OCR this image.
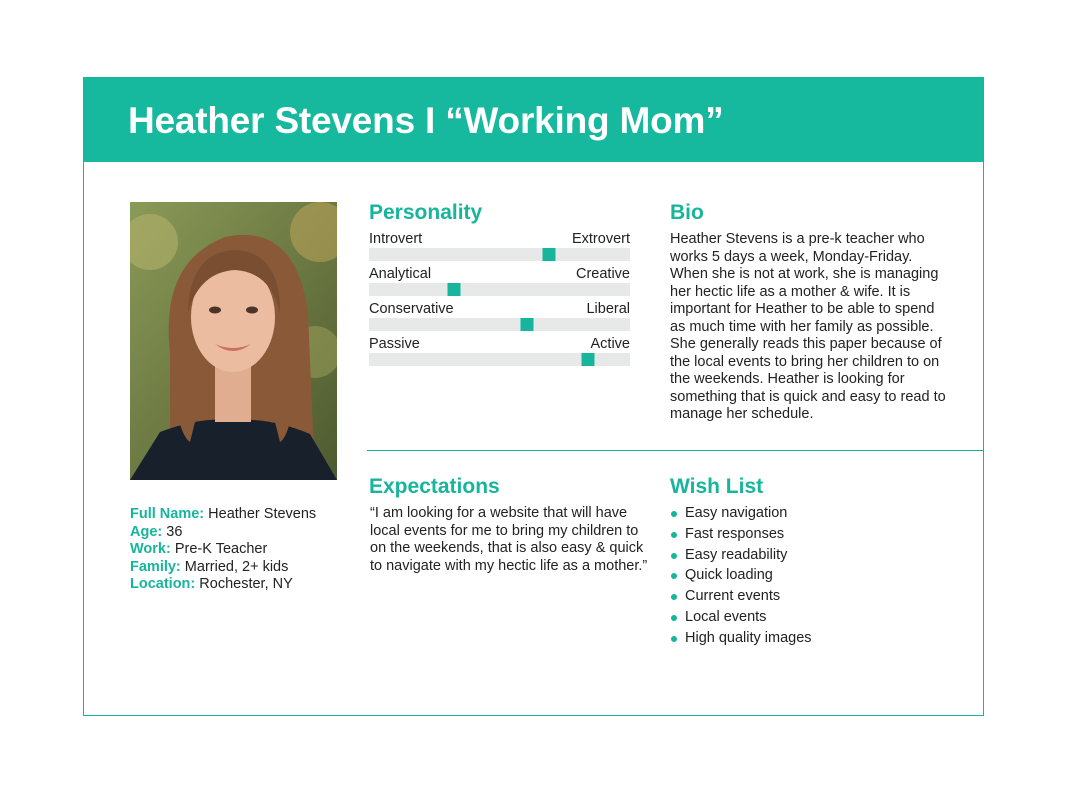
Heather Stevens I “Working Mom”
Full Name: Heather Stevens
Age: 36
Work: Pre-K Teacher
Family: Married, 2+ kids
Location: Rochester, NY
Personality
Introvert	Extrovert
Analytical	Creative
Conservative	Liberal
Passive	Active
Bio

Heather Stevens is a pre-k teacher who works 5 days a week, Monday-Friday. When she is not at work, she is managing her hectic life as a mother & wife. It is important for Heather to be able to spend as much time with her family as possible. She generally reads this paper because of the local events to bring her children to on the weekends. Heather is looking for something that is quick and easy to read to manage her schedule.

Expectations

“I am looking for a website that will have local events for me to bring my children to on the weekends, that is also easy & quick to navigate with my hectic life as a mother.”

Wish List
Easy navigation
Fast responses
Easy readability
Quick loading
Current events
Local events
High quality images
